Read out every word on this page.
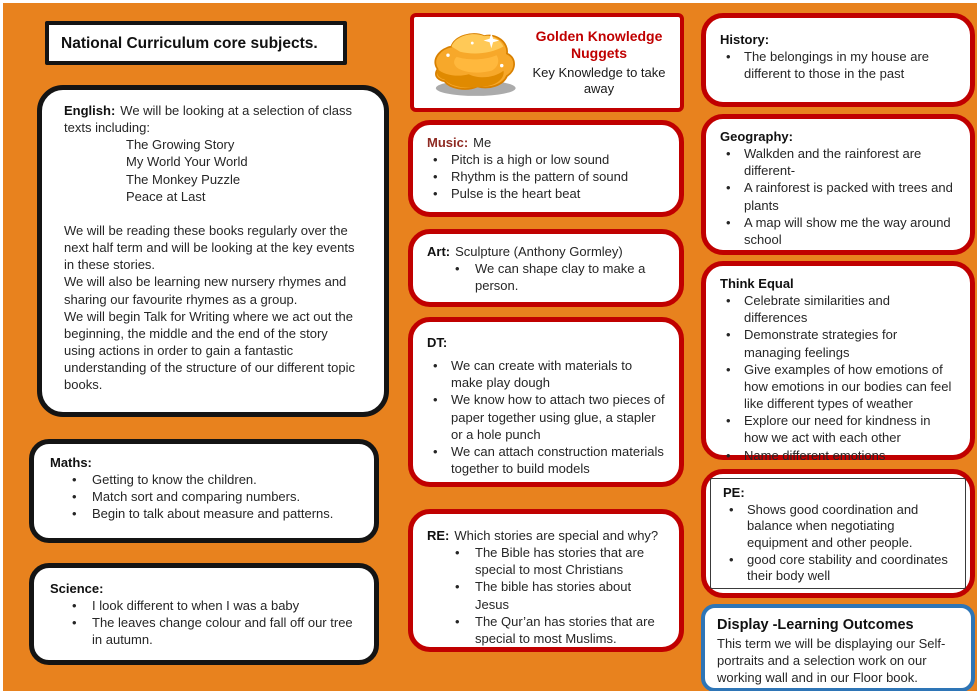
National Curriculum core subjects.

English: We will be looking at a selection of class texts including:

The Growing Story
My World Your World
The Monkey Puzzle
Peace at Last

We will be reading these books regularly over the next half term and will be looking at the key events in these stories.

We will also be learning new nursery rhymes and sharing our favourite rhymes as a group.

We will begin Talk for Writing where we act out the beginning, the middle and the end of the story using actions in order to gain a fantastic understanding of the structure of our different topic books.

Maths:

• Getting to know the children.
• Match sort and comparing numbers.
• Begin to talk about measure and patterns.

Science:

• I look different to when I was a baby
• The leaves change colour and fall off our tree in autumn.

Golden Knowledge Nuggets

Key Knowledge to take away

Music: Me

• Pitch is a high or low sound
• Rhythm is the pattern of sound
• Pulse is the heart beat

Art: Sculpture (Anthony Gormley)

• We can shape clay to make a person.

DT:

• We can create with materials to make play dough
• We know how to attach two pieces of paper together using glue, a stapler or a hole punch
• We can attach construction materials together to build models

RE: Which stories are special and why?

• The Bible has stories that are special to most Christians
• The bible has stories about Jesus
• The Qur’an has stories that are special to most Muslims.

History:

• The belongings in my house are different to those in the past

Geography:

• Walkden and the rainforest are different-
• A rainforest is packed with trees and plants
• A map will show me the way around school

Think Equal

• Celebrate similarities and differences
• Demonstrate strategies for managing feelings
• Give examples of how emotions of how emotions in our bodies can feel like different types of weather
• Explore our need for kindness in how we act with each other
• Name different emotions

PE:

• Shows good coordination and balance when negotiating equipment and other people.
• good core stability and coordinates their body well

Display -Learning Outcomes

This term we will be displaying our Self-portraits and a selection work on our working wall and in our Floor book.
